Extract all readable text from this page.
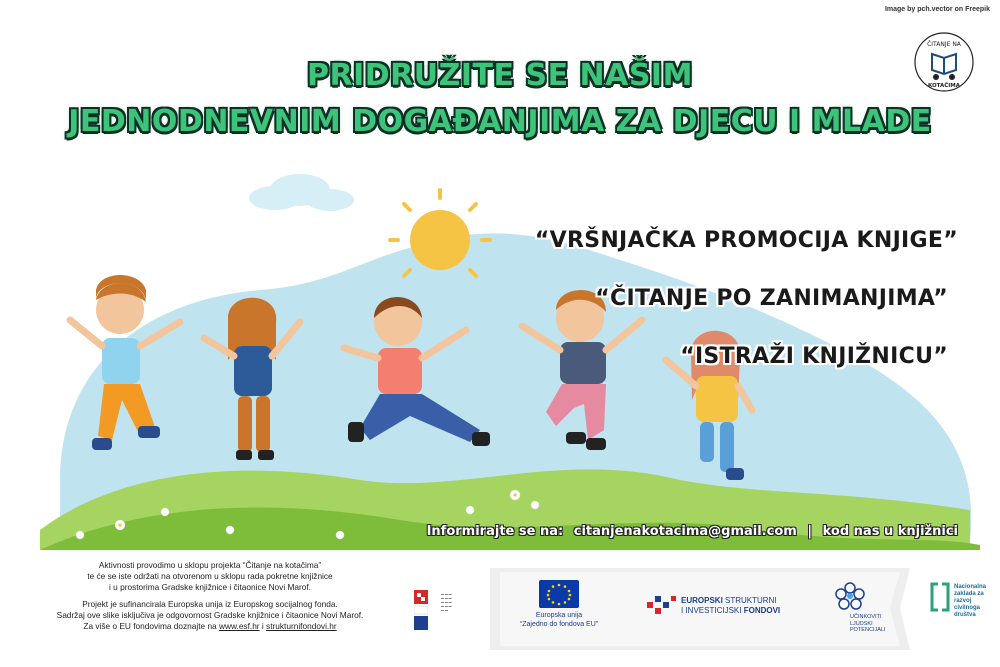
Image by pch.vector on Freepik
ČITANJE NA
KOTAČIMA
PRIDRUŽITE SE NAŠIM
JEDNODNEVNIM DOGAĐANJIMA ZA DJECU I MLADE
“VRŠNJAČKA PROMOCIJA KNJIGE”
“ČITANJE PO ZANIMANJIMA”
“ISTRAŽI KNJIŽNICU”
Informirajte se na: citanjenakotacima@gmail.com | kod nas u knjižnici

Aktivnosti provodimo u sklopu projekta “Čitanje na kotačima”
te će se iste održati na otvorenom u sklopu rada pokretne knjižnice
i u prostorima Gradske knjižnice i čitaonice Novi Marof.

Projekt je sufinancirala Europska unija iz Europskog socijalnog fonda.
Sadržaj ove slike isključiva je odgovornost Gradske knjižnice i čitaonice Novi Marof.
Za više o EU fondovima doznajte na www.esf.hr i strukturnifondovi.hr

▬ ▬ ▬
▬ ▬ ▬
▬ ▬ ▬
▬ ▬ ▬
▬ ▬
Europska unija
“Zajedno do fondova EU”
EUROPSKI STRUKTURNI
I INVESTICIJSKI FONDOVI
UČINKOVITI
LJUDSKI
POTENCIJALI
Nacionalna
zaklada za
razvoj
civilnoga
društva
